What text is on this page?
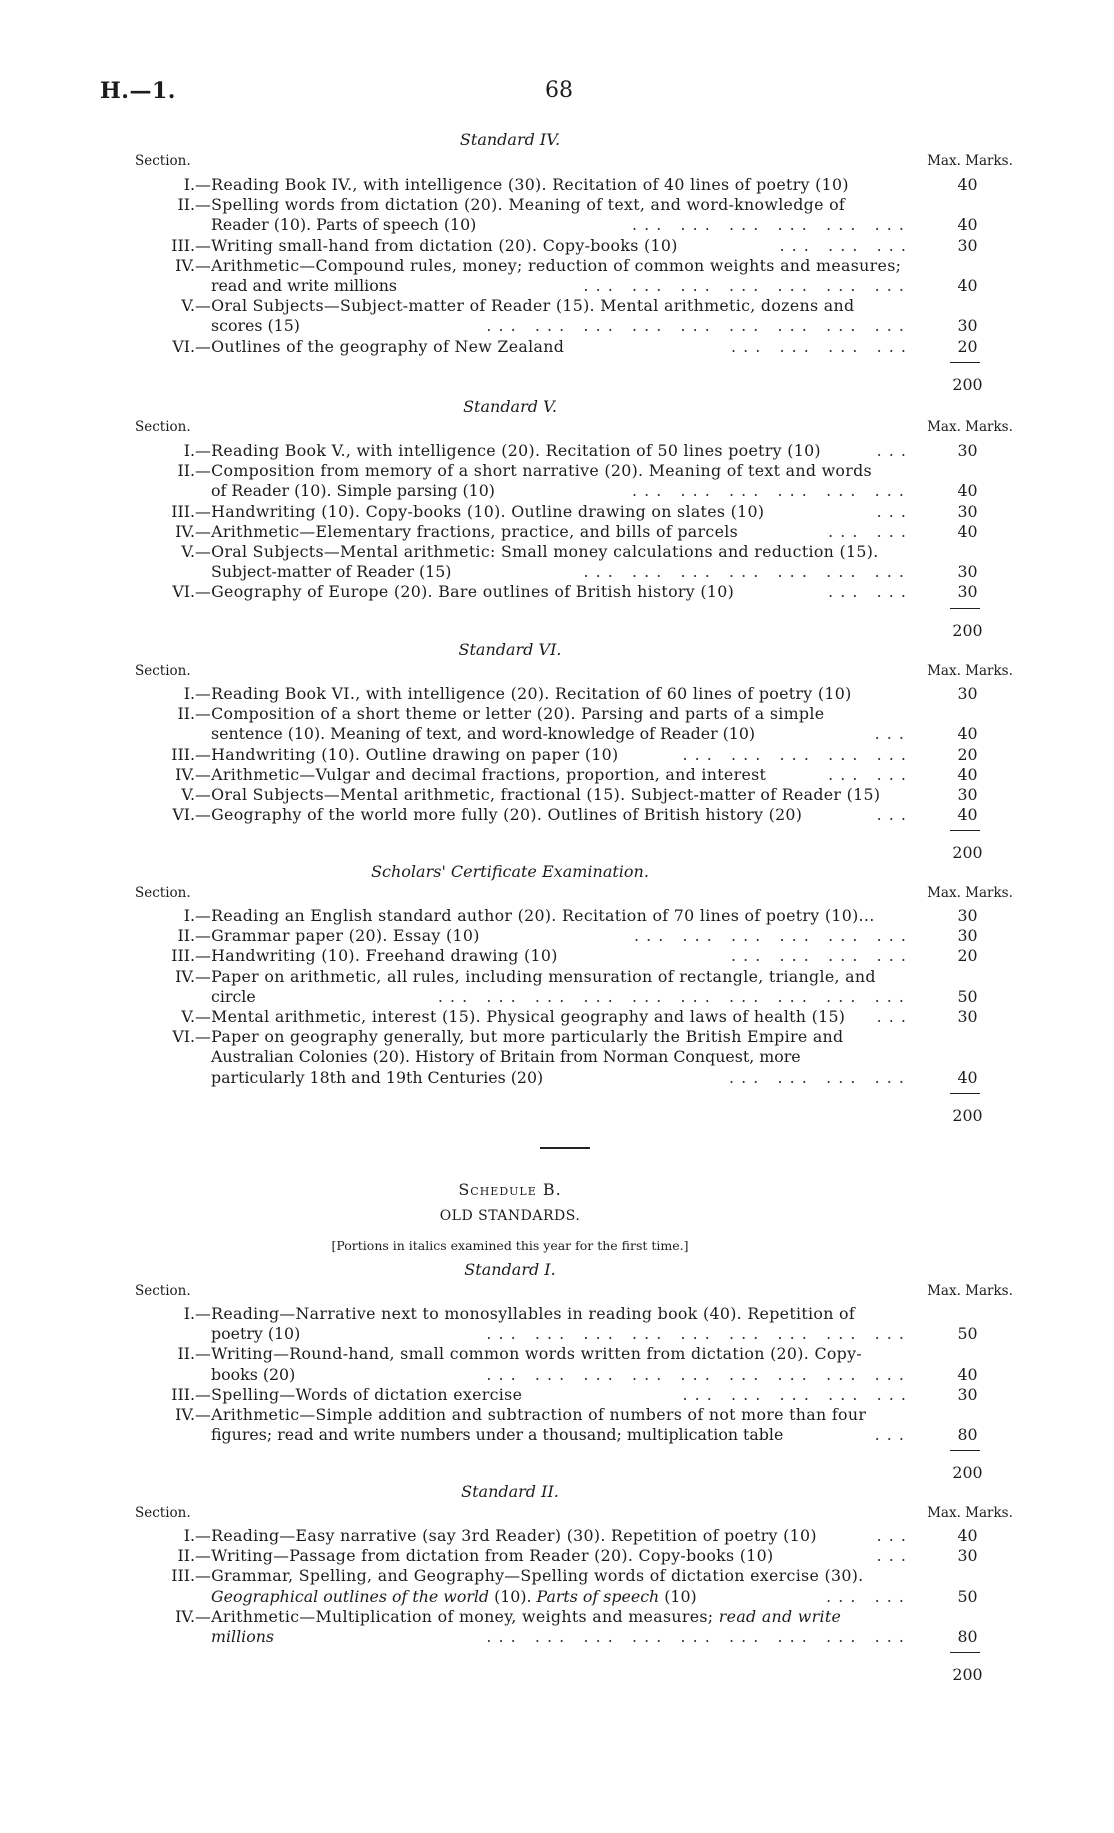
H.—1.	68
Standard IV.
Section.	Max. Marks.
I.—Reading Book IV., with intelligence (30). Recitation of 40 lines of poetry (10)	40
II.—Spelling words from dictation (20). Meaning of text, and word-knowledge of
Reader (10). Parts of speech (10)	... ... ... ... ... ...	40
III.—Writing small-hand from dictation (20). Copy-books (10)	... ... ...	30
IV.—Arithmetic—Compound rules, money; reduction of common weights and measures;
read and write millions	... ... ... ... ... ... ...	40
V.—Oral Subjects—Subject-matter of Reader (15). Mental arithmetic, dozens and
scores (15)	... ... ... ... ... ... ... ... ...	30
VI.—Outlines of the geography of New Zealand	... ... ... ...	20
200
Standard V.
Section.	Max. Marks.
I.—Reading Book V., with intelligence (20). Recitation of 50 lines poetry (10)	...	30
II.—Composition from memory of a short narrative (20). Meaning of text and words
of Reader (10). Simple parsing (10)	... ... ... ... ... ...	40
III.—Handwriting (10). Copy-books (10). Outline drawing on slates (10)	...	30
IV.—Arithmetic—Elementary fractions, practice, and bills of parcels	... ...	40
V.—Oral Subjects—Mental arithmetic: Small money calculations and reduction (15).
Subject-matter of Reader (15)	... ... ... ... ... ... ...	30
VI.—Geography of Europe (20). Bare outlines of British history (10)	... ...	30
200
Standard VI.
Section.	Max. Marks.
I.—Reading Book VI., with intelligence (20). Recitation of 60 lines of poetry (10)	30
II.—Composition of a short theme or letter (20). Parsing and parts of a simple
sentence (10). Meaning of text, and word-knowledge of Reader (10)	...	40
III.—Handwriting (10). Outline drawing on paper (10)	... ... ... ... ...	20
IV.—Arithmetic—Vulgar and decimal fractions, proportion, and interest	... ...	40
V.—Oral Subjects—Mental arithmetic, fractional (15). Subject-matter of Reader (15)	30
VI.—Geography of the world more fully (20). Outlines of British history (20)	...	40
200
Scholars' Certificate Examination.
Section.	Max. Marks.
I.—Reading an English standard author (20). Recitation of 70 lines of poetry (10)...	30
II.—Grammar paper (20). Essay (10)	... ... ... ... ... ...	30
III.—Handwriting (10). Freehand drawing (10)	... ... ... ...	20
IV.—Paper on arithmetic, all rules, including mensuration of rectangle, triangle, and
circle	... ... ... ... ... ... ... ... ... ...	50
V.—Mental arithmetic, interest (15). Physical geography and laws of health (15) ...	30
VI.—Paper on geography generally, but more particularly the British Empire and
Australian Colonies (20). History of Britain from Norman Conquest, more
particularly 18th and 19th Centuries (20)	... ... ... ...	40
200
Schedule B.
OLD STANDARDS.
[Portions in italics examined this year for the first time.]
Standard I.
Section.	Max. Marks.
I.—Reading—Narrative next to monosyllables in reading book (40). Repetition of
poetry (10)	... ... ... ... ... ... ... ... ...	50
II.—Writing—Round-hand, small common words written from dictation (20). Copy-
books (20)	... ... ... ... ... ... ... ... ...	40
III.—Spelling—Words of dictation exercise	... ... ... ... ...	30
IV.—Arithmetic—Simple addition and subtraction of numbers of not more than four
figures; read and write numbers under a thousand; multiplication table	...	80
200
Standard II.
Section.	Max. Marks.
I.—Reading—Easy narrative (say 3rd Reader) (30). Repetition of poetry (10)	...	40
II.—Writing—Passage from dictation from Reader (20). Copy-books (10)	...	30
III.—Grammar, Spelling, and Geography—Spelling words of dictation exercise (30).
Geographical outlines of the world (10). Parts of speech (10)	... ...	50
IV.—Arithmetic—Multiplication of money, weights and measures; read and write
millions	... ... ... ... ... ... ... ... ...	80
200
